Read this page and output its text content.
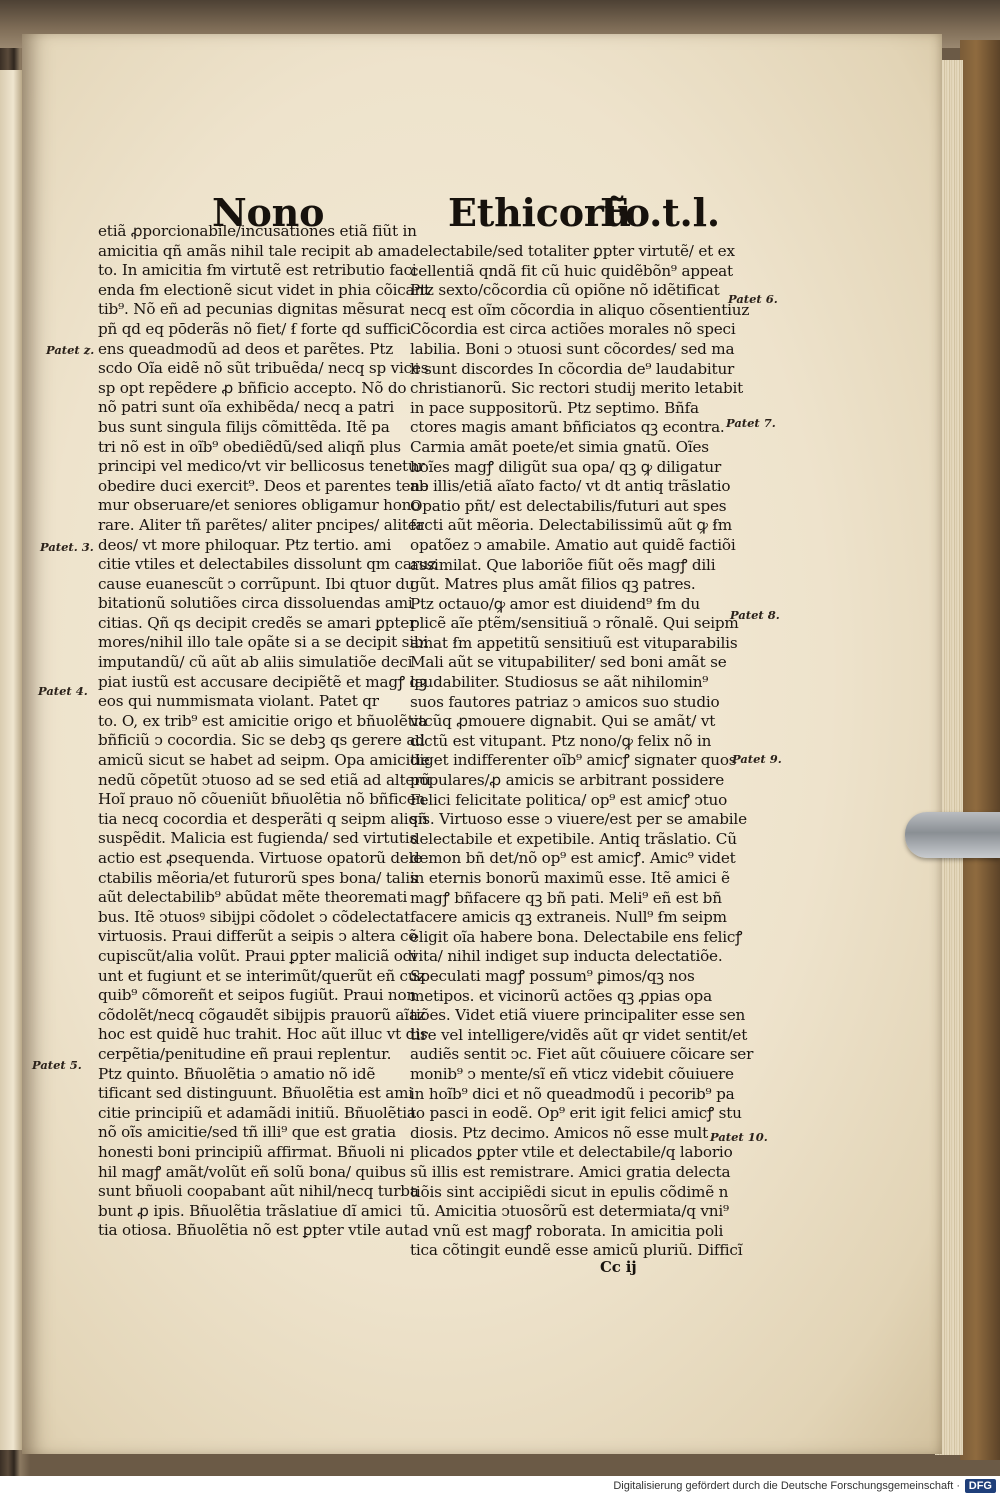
Nono	Ethicorũ
Fo.t.l.
etiã ꝓporcionabile/incusationes etiã fiũt in
amicitia qñ amãs nihil tale recipit ab ama
to. In amicitia ẜm virtutẽ est retributio faci
enda ẜm electionẽ sicut videt in phia cõicant
tib⁹. Nõ eñ ad pecunias dignitas mẽsurat
pñ qd eq pōderãs nõ fiet/ ẜ forte qd suffici
ens queadmodũ ad deos et parẽtes. Ptz
scdo Oĩa eidẽ nõ sũt tribuẽda/ necq sp vices
sp opt repẽdere ꝓ bñficio accepto. Nõ do
nõ patri sunt oĩa exhibẽda/ necq a patri
bus sunt singula filijs cõmittẽda. Itẽ pa
tri nõ est in oĩb⁹ obediẽdũ/sed aliqñ plus
principi vel medico/vt vir bellicosus tenetur
obedire duci exercit⁹. Deos et parentes tene
mur obseruare/et seniores obligamur hono
rare. Aliter tñ parẽtes/ aliter pncipes/ aliter
deos/ vt more philoquar. Ptz tertio. ami
citie vtiles et delectabiles dissolunt qm caruz
cause euanescũt ↄ corrũpunt. Ibi qtuor du
bitationũ solutiões circa dissoluendas ami
citias. Qñ qs decipit credẽs se amari ꝑpter
mores/nihil illo tale opãte si a se decipit sibi
imputandũ/ cũ aũt ab aliis simulatiõe deci
piat iustũ est accusare decipiẽtẽ et magꝭ qꝫ
eos qui nummismata violant. Patet qr
to. O, ex trib⁹ est amicitie origo et bñuolẽtia
bñficiũ ↄ cocordia. Sic se debꝫ qs gerere ad
amicũ sicut se habet ad seipm. Opa amicitie
nedũ cõpetũt ↄtuoso ad se sed etiã ad alterũ
Hoĩ prauo nõ cõueniũt bñuolẽtia nõ bñficen
tia necq cocordia et desperãti q seipm aliqñ
suspẽdit. Malicia est fugienda/ sed virtutis
actio est ꝓsequenda. Virtuose opatorũ dele
ctabilis mẽoria/et futurorũ spes bona/ talis
aũt delectabilib⁹ abũdat mẽte theoremati
bus. Itẽ ↄtuosꝰ sibijpi cõdolet ↄ cõdelectat
virtuosis. Praui differũt a seipis ↄ altera cõ
cupiscũt/alia volũt. Praui ꝑpter maliciã odi
unt et fugiunt et se interimũt/querũt eñ cuz
quib⁹ cõmoreñt et seipos fugiũt. Praui non
cõdolẽt/necq cõgaudẽt sibijpis prauorũ aĩaz
hoc est quidẽ huc trahit. Hoc aũt illuc vt dis
cerpẽtia/penitudine eñ praui replentur.
Ptz quinto. Bñuolẽtia ↄ amatio nõ idẽ
tificant sed distinguunt. Bñuolẽtia est ami
citie principiũ et adamãdi initiũ. Bñuolẽtia
nõ oĩs amicitie/sed tñ illi⁹ que est gratia
honesti boni principiũ affirmat. Bñuoli ni
hil magꝭ amãt/volũt eñ solũ bona/ quibus
sunt bñuoli coopabant aũt nihil/necq turba
bunt ꝓ ipis. Bñuolẽtia trãslatiue dĩ amici
tia otiosa. Bñuolẽtia nõ est ꝑpter vtile aut
delectabile/sed totaliter ꝑpter virtutẽ/ et ex
cellentiã qndã fit cũ huic quidẽbõn⁹ appeat
Ptz sexto/cõcordia cũ opiõne nõ idẽtificat
necq est oĩm cõcordia in aliquo cõsentientiuz
Cõcordia est circa actiões morales nõ speci
labilia. Boni ↄ ↄtuosi sunt cõcordes/ sed ma
li sunt discordes In cõcordia de⁹ laudabitur
christianorũ. Sic rectori studij merito letabit
in pace suppositorũ. Ptz septimo. Bñfa
ctores magis amant bñficiatos qꝫ econtra.
Carmia amãt poete/et simia gnatũ. Oĩes
hoĩes magꝭ diligũt sua opa/ qꝫ ꝙ diligatur
ab illis/etiã aĩato facto/ vt dt antiq trãslatio
Opatio pñt/ est delectabilis/futuri aut spes
facti aũt mẽoria. Delectabilissimũ aũt ꝙ ẜm
opatõez ↄ amabile. Amatio aut quidẽ factiõi
assimilat. Que laboriõe fiũt oẽs magꝭ dili
gũt. Matres plus amãt filios qꝫ patres.
Ptz octauo/ꝙ amor est diuidend⁹ ẜm du
plicẽ aĩe ptẽm/sensitiuã ↄ rõnalẽ. Qui seipm
amat ẜm appetitũ sensitiuũ est vituparabilis
Mali aũt se vitupabiliter/ sed boni amãt se
laudabiliter. Studiosus se aãt nihilomin⁹
suos fautores patriaz ↄ amicos suo studio
vtcũq ꝓmouere dignabit. Qui se amãt/ vt
dictũ est vitupant. Ptz nono/ꝙ felix nõ in
diget indifferenter oĩb⁹ amicꝭ signater quos
populares/ꝓ amicis se arbitrant possidere
Felici felicitate politica/ op⁹ est amicꝭ ↄtuo
sis. Virtuoso esse ↄ viuere/est per se amabile
delectabile et expetibile. Antiq trãslatio. Cũ
demon bñ det/nõ op⁹ est amicꝭ. Amic⁹ videt
in eternis bonorũ maximũ esse. Itẽ amici ẽ
magꝭ bñfacere qꝫ bñ pati. Meli⁹ eñ est bñ
facere amicis qꝫ extraneis. Null⁹ ẜm seipm
eligit oĩa habere bona. Delectabile ens felicꝭ
vita/ nihil indiget sup inducta delectatiõe.
Speculati magꝭ possum⁹ ꝑimos/qꝫ nos
metipos. et vicinorũ actões qꝫ ꝓpias opa
tiões. Videt etiã viuere principaliter esse sen
tire vel intelligere/vidẽs aũt qr videt sentit/et
audiẽs sentit ↄc. Fiet aũt cõuiuere cõicare ser
monib⁹ ↄ mente/sĩ eñ vticz videbit cõuiuere
in hoĩb⁹ dici et nõ queadmodũ i pecorib⁹ pa
to pasci in eodẽ. Op⁹ erit igit felici amicꝭ stu
diosis. Ptz decimo. Amicos nõ esse mult
plicados ꝑpter vtile et delectabile/q laborio
sũ illis est remistrare. Amici gratia delecta
tiõis sint accipiẽdi sicut in epulis cõdimẽ n
tũ. Amicitia ↄtuosõrũ est determiata/q vni⁹
ad vnũ est magꝭ roborata. In amicitia poli
tica cõtingit eundẽ esse amicũ pluriũ. Difficĩ
Patet z.
Patet. 3.
Patet 4.
Patet 5.
Patet 6.
Patet 7.
Patet 8.
Patet 9.
Patet 10.
Cc ij
Digitalisierung gefördert durch die Deutsche Forschungsgemeinschaft · DFG
